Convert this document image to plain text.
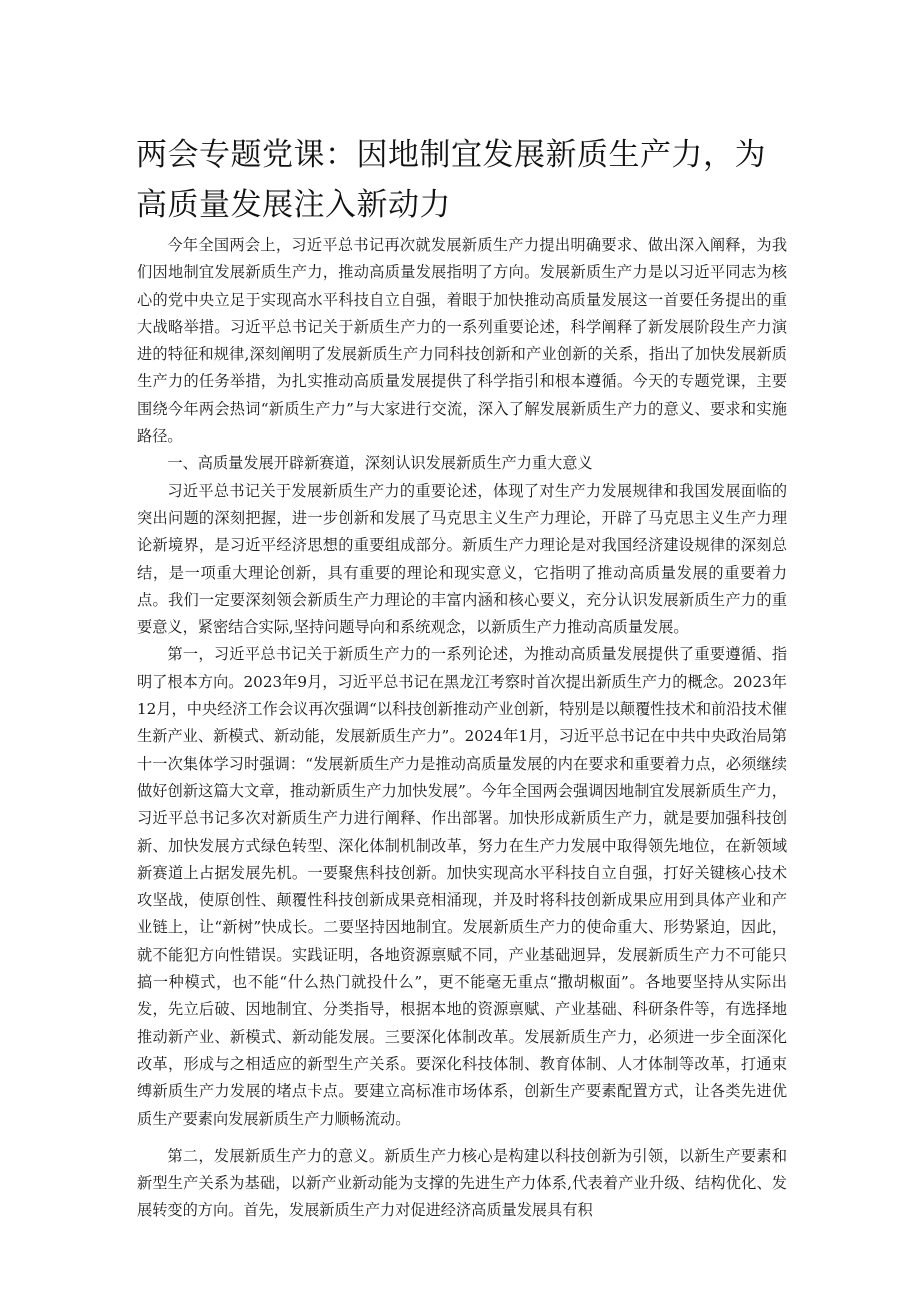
两会专题党课：因地制宜发展新质生产力，为高质量发展注入新动力

今年全国两会上，习近平总书记再次就发展新质生产力提出明确要求、做出深入阐释，为我们因地制宜发展新质生产力，推动高质量发展指明了方向。发展新质生产力是以习近平同志为核心的党中央立足于实现高水平科技自立自强，着眼于加快推动高质量发展这一首要任务提出的重大战略举措。习近平总书记关于新质生产力的一系列重要论述，科学阐释了新发展阶段生产力演进的特征和规律,深刻阐明了发展新质生产力同科技创新和产业创新的关系，指出了加快发展新质生产力的任务举措，为扎实推动高质量发展提供了科学指引和根本遵循。今天的专题党课，主要围绕今年两会热词“新质生产力”与大家进行交流，深入了解发展新质生产力的意义、要求和实施路径。

一、高质量发展开辟新赛道，深刻认识发展新质生产力重大意义

习近平总书记关于发展新质生产力的重要论述，体现了对生产力发展规律和我国发展面临的突出问题的深刻把握，进一步创新和发展了马克思主义生产力理论，开辟了马克思主义生产力理论新境界，是习近平经济思想的重要组成部分。新质生产力理论是对我国经济建设规律的深刻总结，是一项重大理论创新，具有重要的理论和现实意义，它指明了推动高质量发展的重要着力点。我们一定要深刻领会新质生产力理论的丰富内涵和核心要义，充分认识发展新质生产力的重要意义，紧密结合实际,坚持问题导向和系统观念，以新质生产力推动高质量发展。

第一，习近平总书记关于新质生产力的一系列论述，为推动高质量发展提供了重要遵循、指明了根本方向。2023年9月，习近平总书记在黑龙江考察时首次提出新质生产力的概念。2023年12月，中央经济工作会议再次强调“以科技创新推动产业创新，特别是以颠覆性技术和前沿技术催生新产业、新模式、新动能，发展新质生产力”。2024年1月，习近平总书记在中共中央政治局第十一次集体学习时强调：“发展新质生产力是推动高质量发展的内在要求和重要着力点，必须继续做好创新这篇大文章，推动新质生产力加快发展”。今年全国两会强调因地制宜发展新质生产力，习近平总书记多次对新质生产力进行阐释、作出部署。加快形成新质生产力，就是要加强科技创新、加快发展方式绿色转型、深化体制机制改革，努力在生产力发展中取得领先地位，在新领域新赛道上占据发展先机。一要聚焦科技创新。加快实现高水平科技自立自强，打好关键核心技术攻坚战，使原创性、颠覆性科技创新成果竞相涌现，并及时将科技创新成果应用到具体产业和产业链上，让“新树”快成长。二要坚持因地制宜。发展新质生产力的使命重大、形势紧迫，因此，就不能犯方向性错误。实践证明，各地资源禀赋不同，产业基础迥异，发展新质生产力不可能只搞一种模式，也不能“什么热门就投什么”，更不能毫无重点“撒胡椒面”。各地要坚持从实际出发，先立后破、因地制宜、分类指导，根据本地的资源禀赋、产业基础、科研条件等，有选择地推动新产业、新模式、新动能发展。三要深化体制改革。发展新质生产力，必须进一步全面深化改革，形成与之相适应的新型生产关系。要深化科技体制、教育体制、人才体制等改革，打通束缚新质生产力发展的堵点卡点。要建立高标准市场体系，创新生产要素配置方式，让各类先进优质生产要素向发展新质生产力顺畅流动。

第二，发展新质生产力的意义。新质生产力核心是构建以科技创新为引领，以新生产要素和新型生产关系为基础，以新产业新动能为支撑的先进生产力体系,代表着产业升级、结构优化、发展转变的方向。首先，发展新质生产力对促进经济高质量发展具有积
